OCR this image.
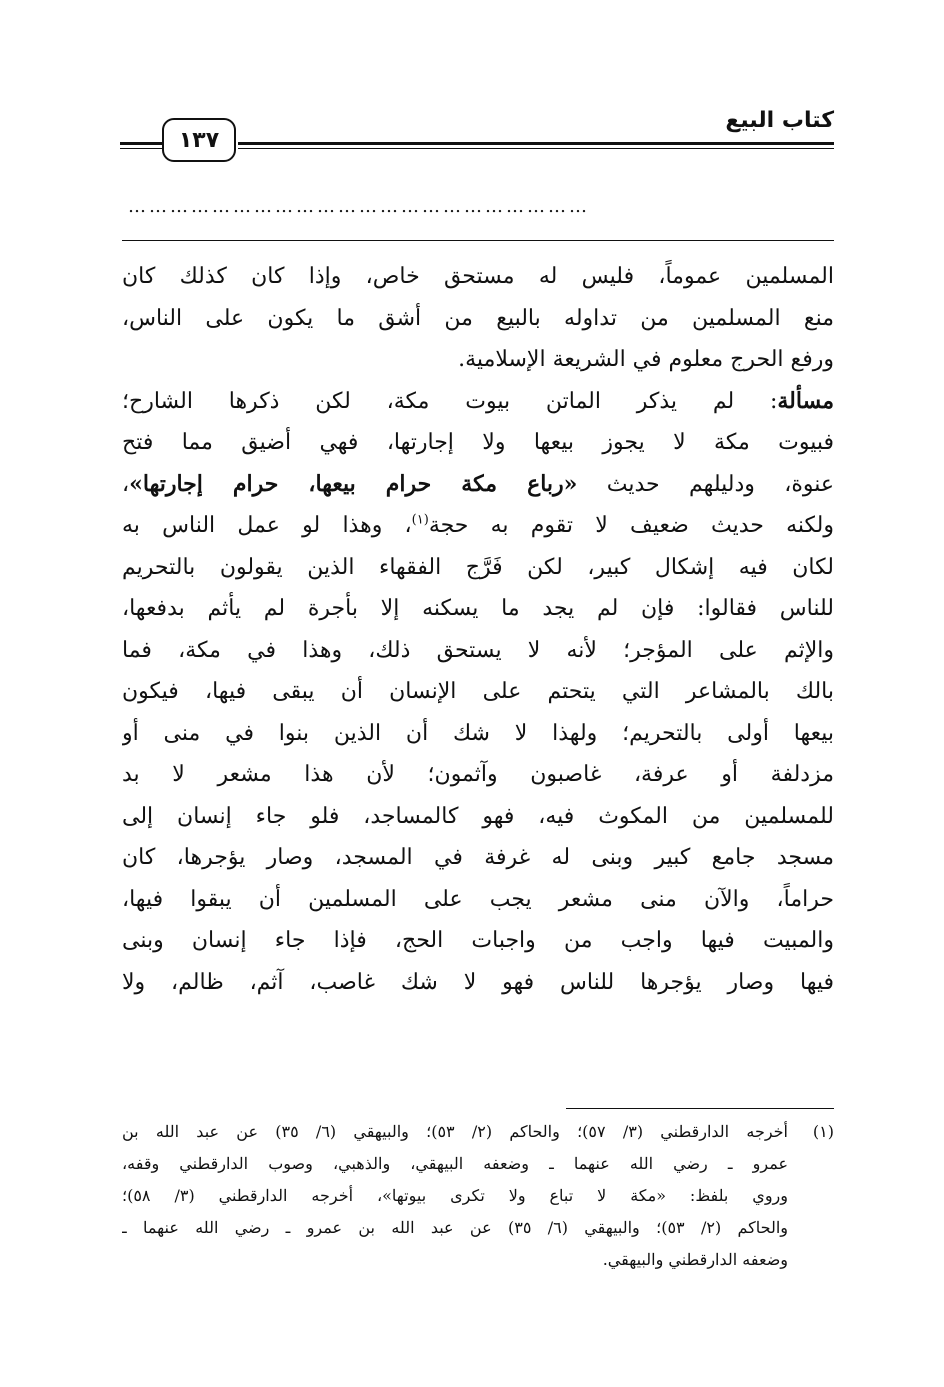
١٣٧
كتاب البيع
…………………………………………………………
المسلمين عموماً، فليس له مستحق خاص، وإذا كان كذلك كان
منع المسلمين من تداوله بالبيع من أشق ما يكون على الناس،
ورفع الحرج معلوم في الشريعة الإسلامية.
مسألة: لم يذكر الماتن بيوت مكة، لكن ذكرها الشارح؛
فبيوت مكة لا يجوز بيعها ولا إجارتها، فهي أضيق مما فتح
عنوة، ودليلهم حديث «رباع مكة حرام بيعها، حرام إجارتها»،
ولكنه حديث ضعيف لا تقوم به حجة$^{(١)}$، وهذا لو عمل الناس به
لكان فيه إشكال كبير، لكن فَرَّج الفقهاء الذين يقولون بالتحريم
للناس فقالوا: فإن لم يجد ما يسكنه إلا بأجرة لم يأثم بدفعها،
والإثم على المؤجر؛ لأنه لا يستحق ذلك، وهذا في مكة، فما
بالك بالمشاعر التي يتحتم على الإنسان أن يبقى فيها، فيكون
بيعها أولى بالتحريم؛ ولهذا لا شك أن الذين بنوا في منى أو
مزدلفة أو عرفة، غاصبون وآثمون؛ لأن هذا مشعر لا بد
للمسلمين من المكوث فيه، فهو كالمساجد، فلو جاء إنسان إلى
مسجد جامع كبير وبنى له غرفة في المسجد، وصار يؤجرها، كان
حراماً، والآن منى مشعر يجب على المسلمين أن يبقوا فيها،
والمبيت فيها واجب من واجبات الحج، فإذا جاء إنسان وبنى
فيها وصار يؤجرها للناس فهو لا شك غاصب، آثم، ظالم، ولا
(١)
أخرجه الدارقطني (٣/ ٥٧)؛ والحاكم (٢/ ٥٣)؛ والبيهقي (٦/ ٣٥) عن عبد الله بن
عمرو ـ رضي الله عنهما ـ وضعفه البيهقي، والذهبي، وصوب الدارقطني وقفه،
وروي بلفظ: «مكة لا تباع ولا تكرى بيوتها»، أخرجه الدارقطني (٣/ ٥٨)؛
والحاكم (٢/ ٥٣)؛ والبيهقي (٦/ ٣٥) عن عبد الله بن عمرو ـ رضي الله عنهما ـ
وضعفه الدارقطني والبيهقي.
